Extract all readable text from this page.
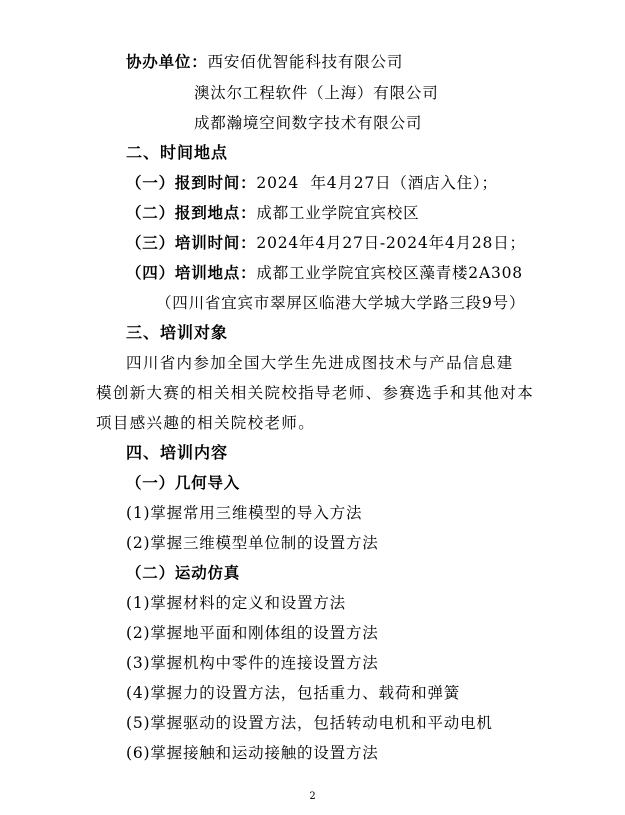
协办单位：西安佰优智能科技有限公司
澳汰尔工程软件（上海）有限公司
成都瀚境空间数字技术有限公司
二、时间地点
（一）报到时间：2024  年4月27日（酒店入住）；
（二）报到地点：成都工业学院宜宾校区
（三）培训时间：2024年4月27日-2024年4月28日；
（四）培训地点：成都工业学院宜宾校区藻青楼2A308
（四川省宜宾市翠屏区临港大学城大学路三段9号）
三、培训对象
四川省内参加全国大学生先进成图技术与产品信息建
模创新大赛的相关相关院校指导老师、参赛选手和其他对本
项目感兴趣的相关院校老师。
四、培训内容
（一）几何导入
(1)掌握常用三维模型的导入方法
(2)掌握三维模型单位制的设置方法
（二）运动仿真
(1)掌握材料的定义和设置方法
(2)掌握地平面和刚体组的设置方法
(3)掌握机构中零件的连接设置方法
(4)掌握力的设置方法，包括重力、载荷和弹簧
(5)掌握驱动的设置方法，包括转动电机和平动电机
(6)掌握接触和运动接触的设置方法
2
